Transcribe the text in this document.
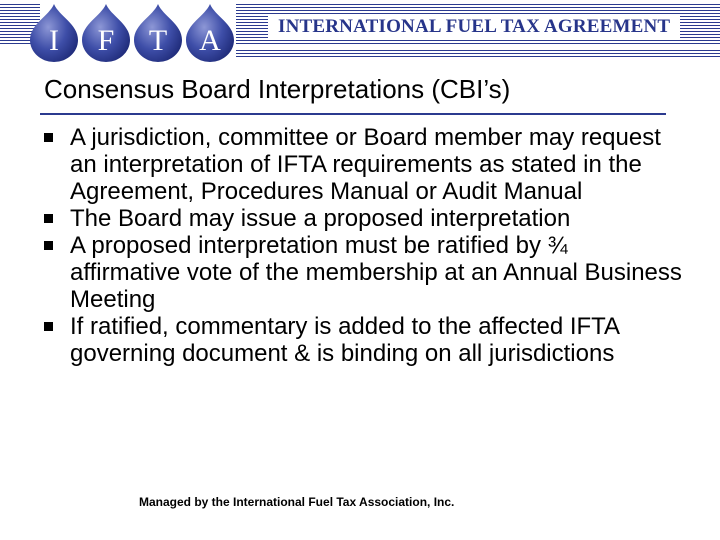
I F T A	INTERNATIONAL FUEL TAX AGREEMENT
Consensus Board Interpretations (CBI’s)
A jurisdiction, committee or Board member may request an interpretation of IFTA requirements as stated in the Agreement, Procedures Manual or Audit Manual
The Board may issue a proposed interpretation
A proposed interpretation must be ratified by ¾ affirmative vote of the membership at an Annual Business Meeting
If ratified, commentary is added to the affected IFTA governing document & is binding on all jurisdictions
Managed by the International Fuel Tax Association, Inc.
